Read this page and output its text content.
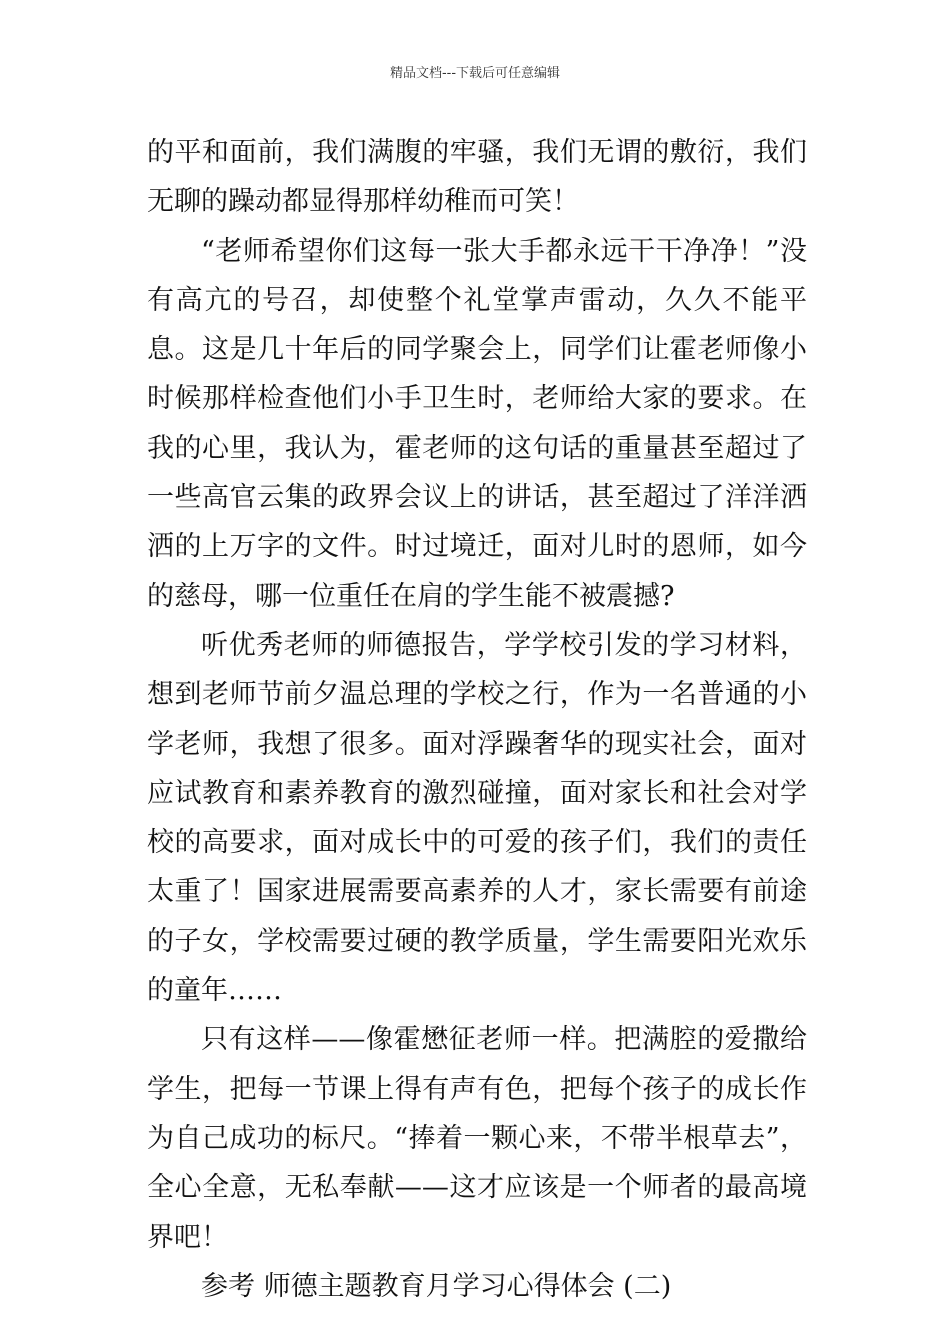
精品文档---下载后可任意编辑

的平和面前，我们满腹的牢骚，我们无谓的敷衍，我们无聊的躁动都显得那样幼稚而可笑！

“老师希望你们这每一张大手都永远干干净净！”没有高亢的号召，却使整个礼堂掌声雷动，久久不能平息。这是几十年后的同学聚会上，同学们让霍老师像小时候那样检查他们小手卫生时，老师给大家的要求。在我的心里，我认为，霍老师的这句话的重量甚至超过了一些高官云集的政界会议上的讲话，甚至超过了洋洋洒洒的上万字的文件。时过境迁，面对儿时的恩师，如今的慈母，哪一位重任在肩的学生能不被震撼?

听优秀老师的师德报告，学学校引发的学习材料，想到老师节前夕温总理的学校之行，作为一名普通的小学老师，我想了很多。面对浮躁奢华的现实社会，面对应试教育和素养教育的激烈碰撞，面对家长和社会对学校的高要求，面对成长中的可爱的孩子们，我们的责任太重了！国家进展需要高素养的人才，家长需要有前途的子女，学校需要过硬的教学质量，学生需要阳光欢乐的童年……

只有这样——像霍懋征老师一样。把满腔的爱撒给学生，把每一节课上得有声有色，把每个孩子的成长作为自己成功的标尺。“捧着一颗心来，不带半根草去”，全心全意，无私奉献——这才应该是一个师者的最高境界吧！

参考 师德主题教育月学习心得体会 (二)
